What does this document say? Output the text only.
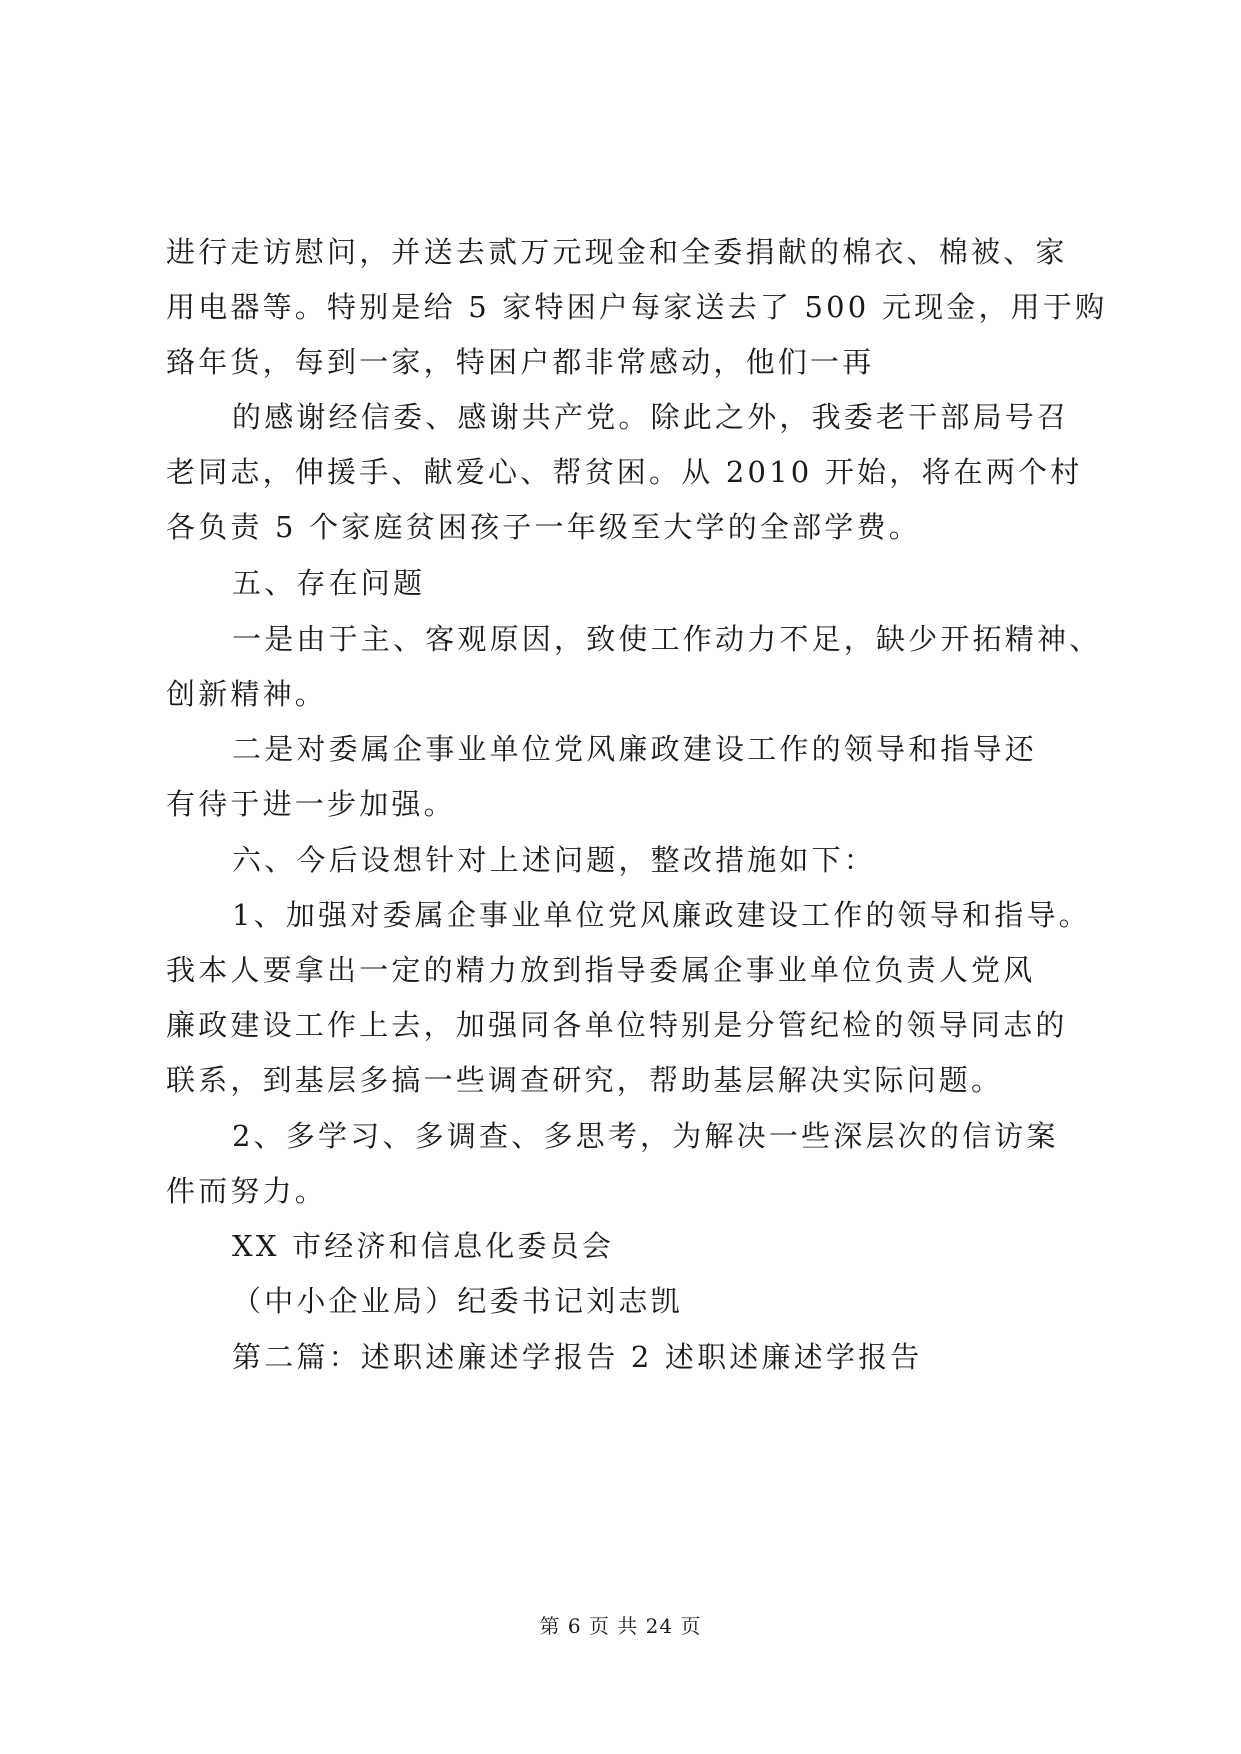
进行走访慰问，并送去贰万元现金和全委捐献的棉衣、棉被、家
用电器等。特别是给 5 家特困户每家送去了 500 元现金，用于购
臵年货，每到一家，特困户都非常感动，他们一再
的感谢经信委、感谢共产党。除此之外，我委老干部局号召
老同志，伸援手、献爱心、帮贫困。从 2010 开始，将在两个村
各负责 5 个家庭贫困孩子一年级至大学的全部学费。
五、存在问题
一是由于主、客观原因，致使工作动力不足，缺少开拓精神、
创新精神。
二是对委属企事业单位党风廉政建设工作的领导和指导还
有待于进一步加强。
六、今后设想针对上述问题，整改措施如下：
1、加强对委属企事业单位党风廉政建设工作的领导和指导。
我本人要拿出一定的精力放到指导委属企事业单位负责人党风
廉政建设工作上去，加强同各单位特别是分管纪检的领导同志的
联系，到基层多搞一些调查研究，帮助基层解决实际问题。
2、多学习、多调查、多思考，为解决一些深层次的信访案
件而努力。
XX 市经济和信息化委员会
（中小企业局）纪委书记刘志凯
第二篇：述职述廉述学报告 2 述职述廉述学报告
第 6 页 共 24 页
